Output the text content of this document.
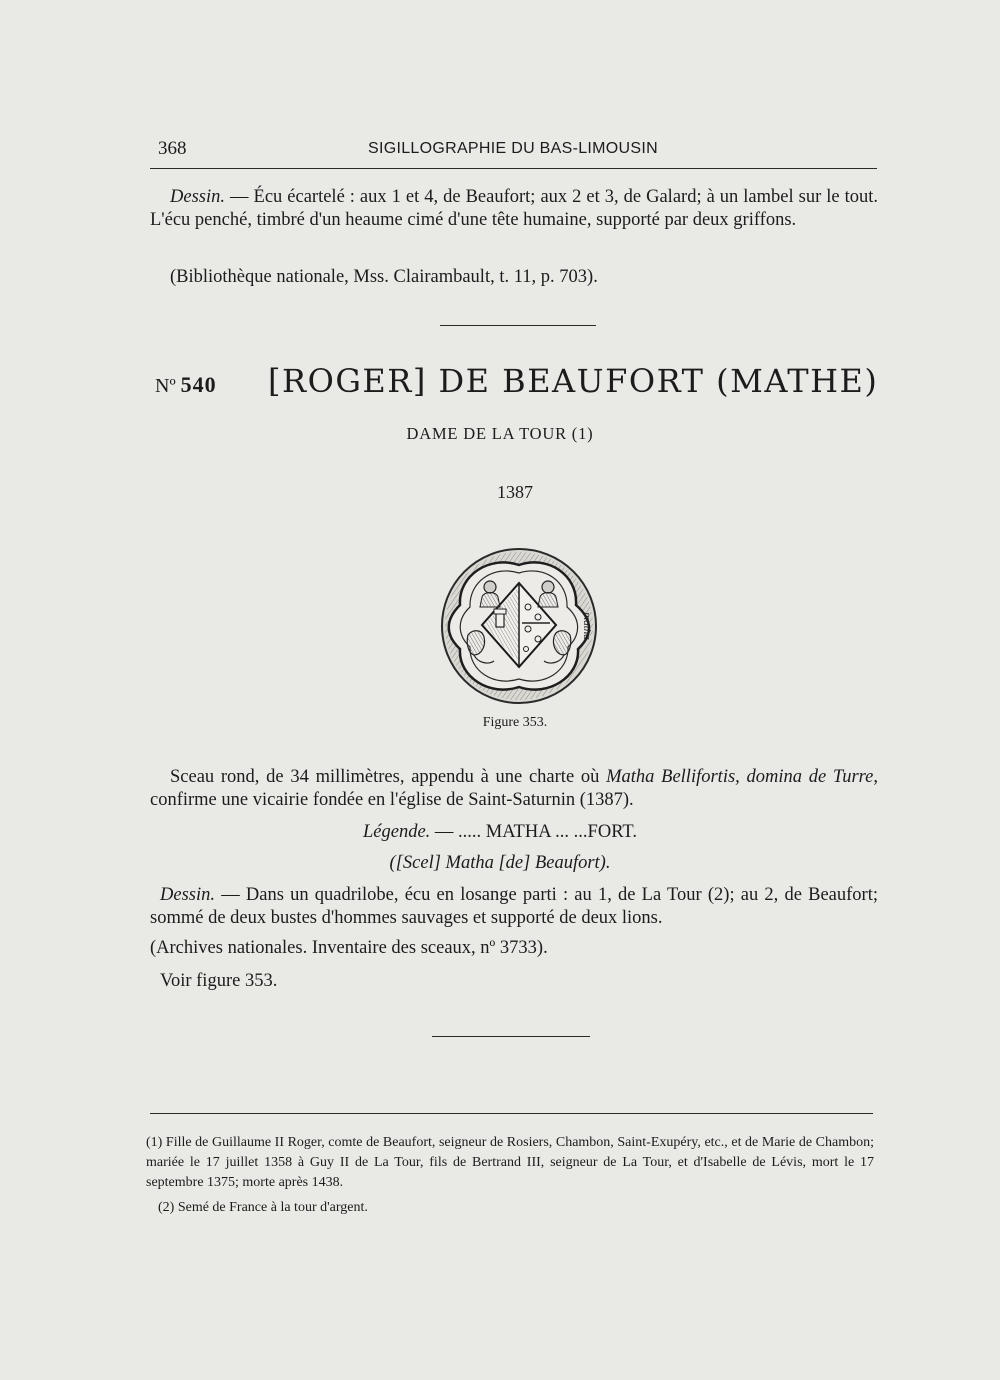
368	SIGILLOGRAPHIE DU BAS-LIMOUSIN

Dessin. — Écu écartelé : aux 1 et 4, de Beaufort; aux 2 et 3, de Galard; à un lambel sur le tout. L'écu penché, timbré d'un heaume cimé d'une tête humaine, supporté par deux griffons.

(Bibliothèque nationale, Mss. Clairambault, t. 11, p. 703).

Nº 540 [ROGER] DE BEAUFORT (MATHE)
DAME DE LA TOUR (1)
1387
matha
Figure 353.

Sceau rond, de 34 millimètres, appendu à une charte où Matha Bellifortis, domina de Turre, confirme une vicairie fondée en l'église de Saint-Saturnin (1387).

Légende. — ..... MATHA ... ...FORT.
([Scel] Matha [de] Beaufort).

Dessin. — Dans un quadrilobe, écu en losange parti : au 1, de La Tour (2); au 2, de Beaufort; sommé de deux bustes d'hommes sauvages et supporté de deux lions.

(Archives nationales. Inventaire des sceaux, nº 3733).

Voir figure 353.

(1) Fille de Guillaume II Roger, comte de Beaufort, seigneur de Rosiers, Chambon, Saint-Exupéry, etc., et de Marie de Chambon; mariée le 17 juillet 1358 à Guy II de La Tour, fils de Bertrand III, seigneur de La Tour, et d'Isabelle de Lévis, mort le 17 septembre 1375; morte après 1438.

(2) Semé de France à la tour d'argent.
